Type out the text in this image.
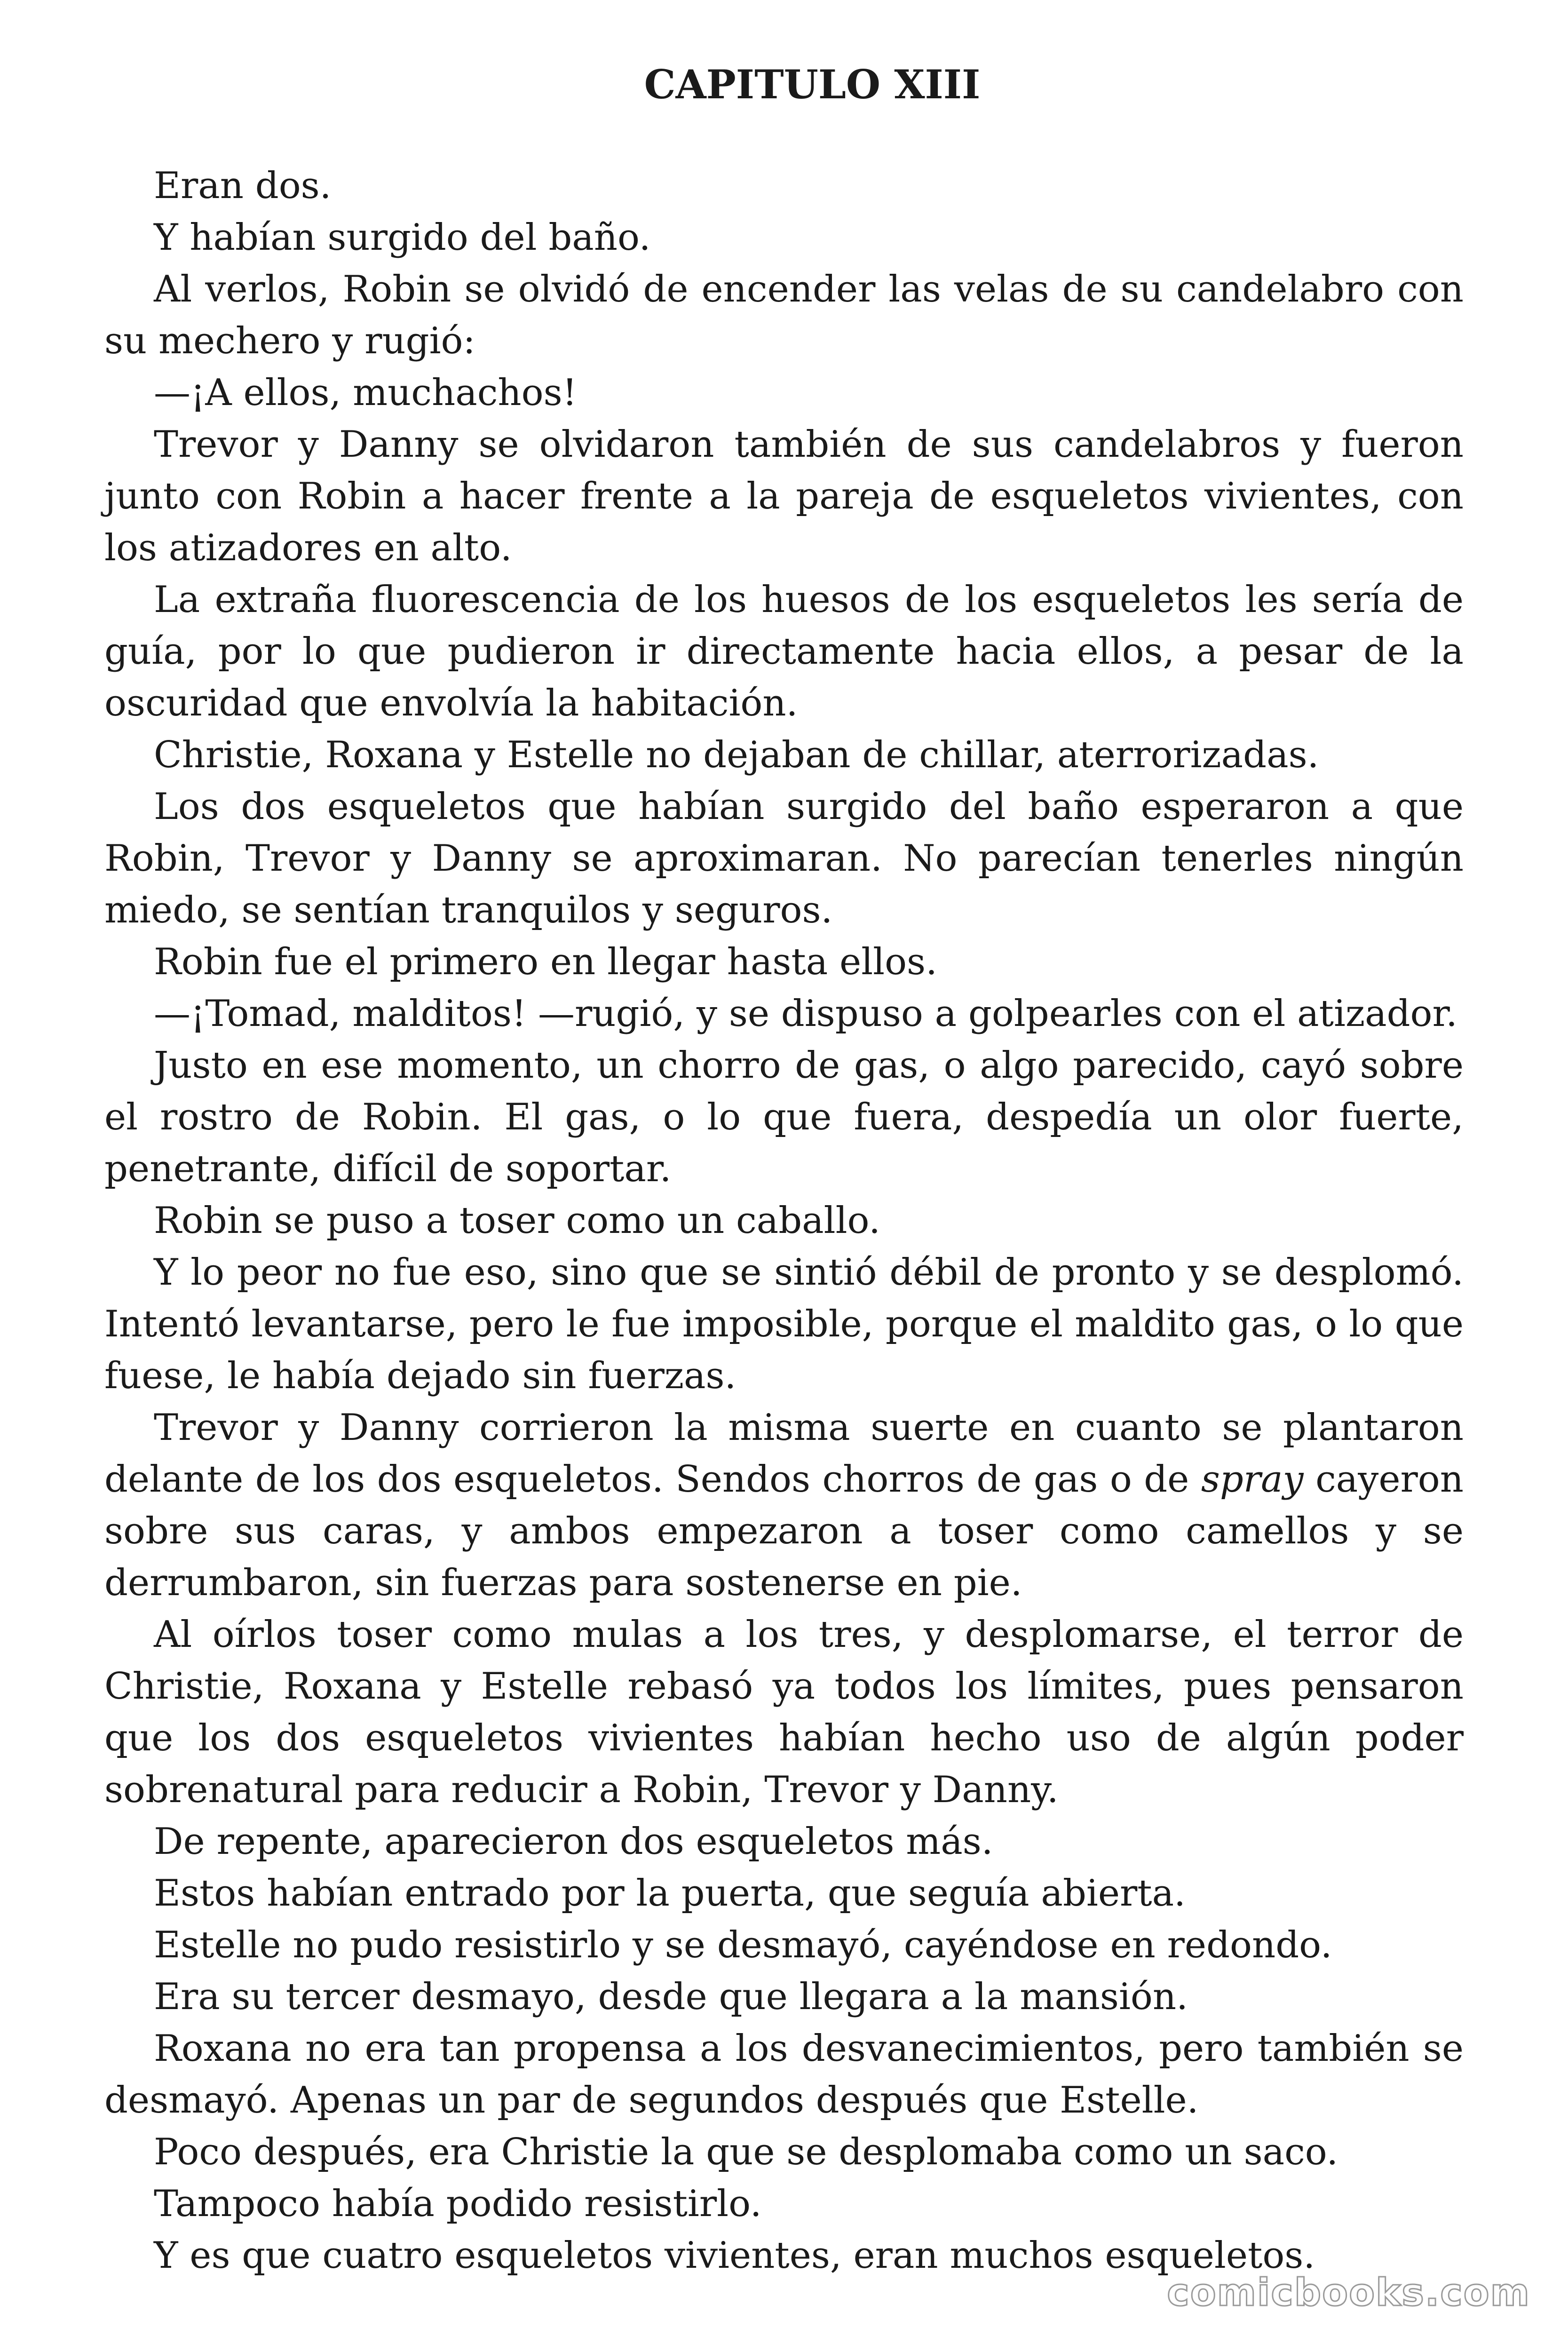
CAPITULO XIII

Eran dos.

Y habían surgido del baño.

Al verlos, Robin se olvidó de encender las velas de su candelabro con su mechero y rugió:

—¡A ellos, muchachos!

Trevor y Danny se olvidaron también de sus candelabros y fueron junto con Robin a hacer frente a la pareja de esqueletos vivientes, con los atizadores en alto.

La extraña fluorescencia de los huesos de los esqueletos les sería de guía, por lo que pudieron ir directamente hacia ellos, a pesar de la oscuridad que envolvía la habitación.

Christie, Roxana y Estelle no dejaban de chillar, aterrorizadas.

Los dos esqueletos que habían surgido del baño esperaron a que Robin, Trevor y Danny se aproximaran. No parecían tenerles ningún miedo, se sentían tranquilos y seguros.

Robin fue el primero en llegar hasta ellos.

—¡Tomad, malditos! —rugió, y se dispuso a golpearles con el atizador.

Justo en ese momento, un chorro de gas, o algo parecido, cayó sobre el rostro de Robin. El gas, o lo que fuera, despedía un olor fuerte, penetrante, difícil de soportar.

Robin se puso a toser como un caballo.

Y lo peor no fue eso, sino que se sintió débil de pronto y se desplomó. Intentó levantarse, pero le fue imposible, porque el maldito gas, o lo que fuese, le había dejado sin fuerzas.

Trevor y Danny corrieron la misma suerte en cuanto se plantaron delante de los dos esqueletos. Sendos chorros de gas o de spray cayeron sobre sus caras, y ambos empezaron a toser como camellos y se derrumbaron, sin fuerzas para sostenerse en pie.

Al oírlos toser como mulas a los tres, y desplomarse, el terror de Christie, Roxana y Estelle rebasó ya todos los límites, pues pensaron que los dos esqueletos vivientes habían hecho uso de algún poder sobrenatural para reducir a Robin, Trevor y Danny.

De repente, aparecieron dos esqueletos más.

Estos habían entrado por la puerta, que seguía abierta.

Estelle no pudo resistirlo y se desmayó, cayéndose en redondo.

Era su tercer desmayo, desde que llegara a la mansión.

Roxana no era tan propensa a los desvanecimientos, pero también se desmayó. Apenas un par de segundos después que Estelle.

Poco después, era Christie la que se desplomaba como un saco.

Tampoco había podido resistirlo.

Y es que cuatro esqueletos vivientes, eran muchos esqueletos.

comicbooks.com
